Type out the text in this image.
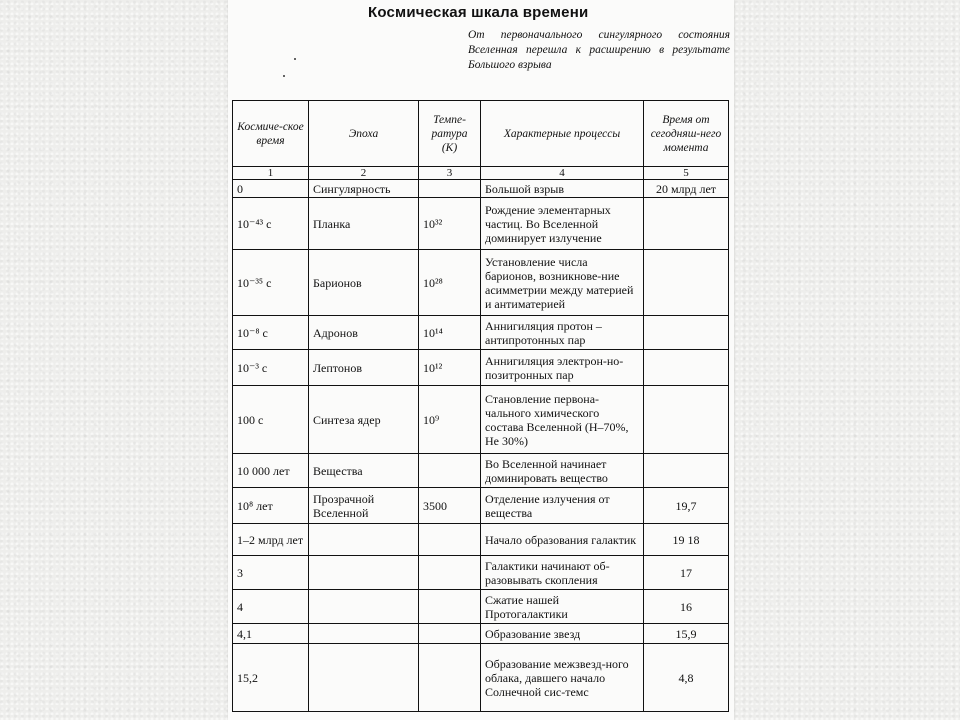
Космическая шкала времени
От первоначального сингулярного состояния Вселенная перешла к расширению в результате Большого взрыва
Космиче-ское время	Эпоха	Темпе-ратура (K)	Характерные процессы	Время от сегодняш-него момента
1	2	3	4	5
0	Сингулярность		Большой взрыв	20 млрд лет
10⁻⁴³ с	Планка	10³²	Рождение элементарных частиц. Во Вселенной доминирует излучение	
10⁻³⁵ с	Барионов	10²⁸	Установление числа барионов, возникнове-ние асимметрии между материей и антиматерией	
10⁻⁸ с	Адронов	10¹⁴	Аннигиляция протон – антипротонных пар	
10⁻³ с	Лептонов	10¹²	Аннигиляция электрон-но-позитронных пар	
100 с	Синтеза ядер	10⁹	Становление первона-чального химического состава Вселенной (H–70%, He 30%)	
10 000 лет	Вещества		Во Вселенной начинает доминировать вещество	
10⁸ лет	Прозрачной Вселенной	3500	Отделение излучения от вещества	19,7
1–2 млрд лет			Начало образования галактик	19 18
3			Галактики начинают об-разовывать скопления	17
4			Сжатие нашей Протогалактики	16
4,1			Образование звезд	15,9
15,2			Образование межзвезд-ного облака, давшего начало Солнечной сис-темс	4,8
